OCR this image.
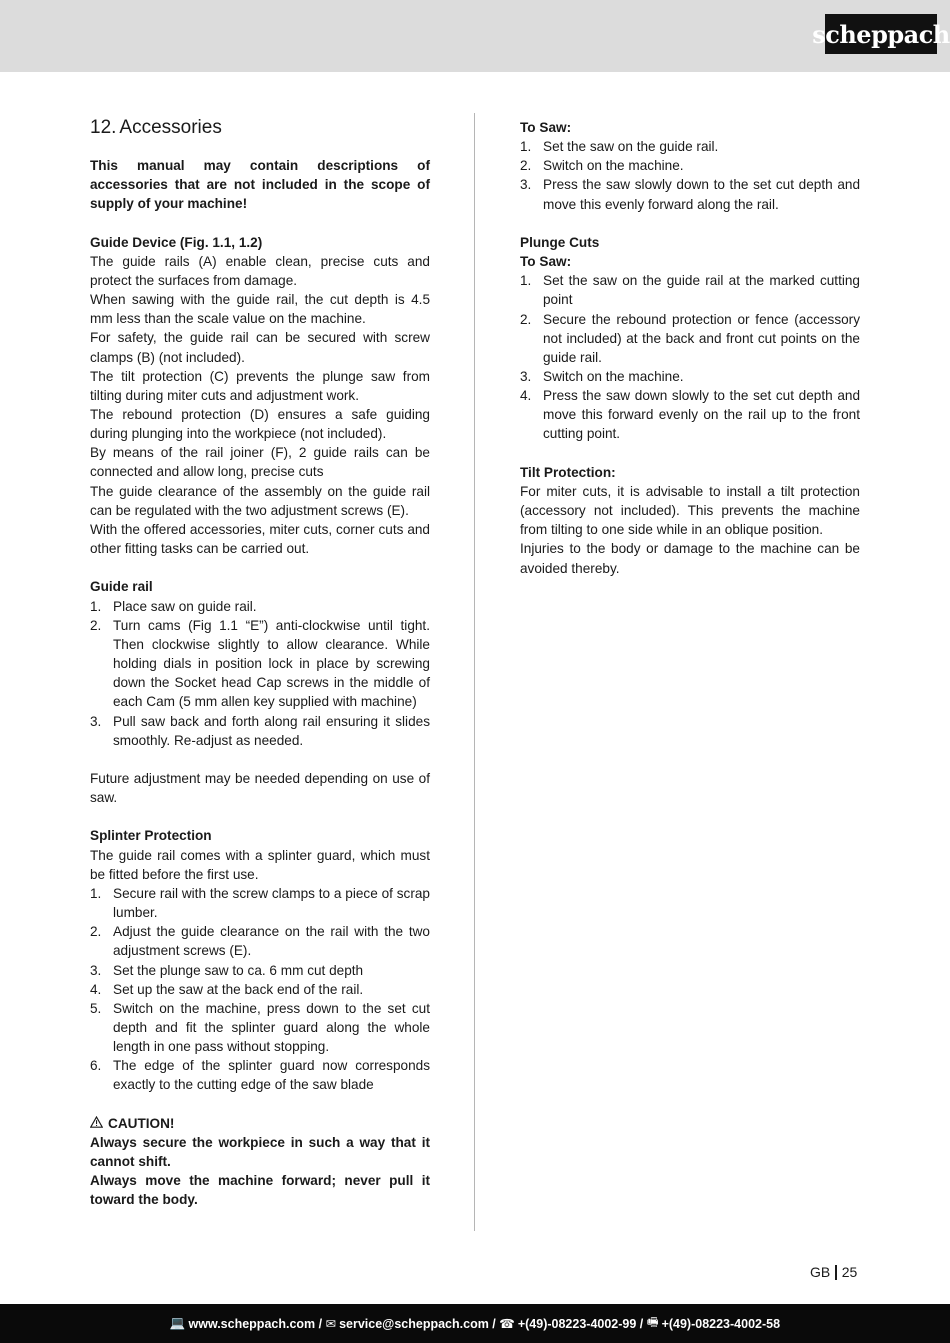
scheppach
12. Accessories

This manual may contain descriptions of accessories that are not included in the scope of supply of your machine!

Guide Device (Fig. 1.1, 1.2)

The guide rails (A) enable clean, precise cuts and protect the surfaces from damage.

When sawing with the guide rail, the cut depth is 4.5 mm less than the scale value on the machine.

For safety, the guide rail can be secured with screw clamps (B) (not included).

The tilt protection (C) prevents the plunge saw from tilting during miter cuts and adjustment work.

The rebound protection (D) ensures a safe guiding during plunging into the workpiece (not included).

By means of the rail joiner (F), 2 guide rails can be connected and allow long, precise cuts

The guide clearance of the assembly on the guide rail can be regulated with the two adjustment screws (E).

With the offered accessories, miter cuts, corner cuts and other fitting tasks can be carried out.

Guide rail

1. Place saw on guide rail.
2. Turn cams (Fig 1.1 “E”) anti-clockwise until tight. Then clockwise slightly to allow clearance. While holding dials in position lock in place by screwing down the Socket head Cap screws in the middle of each Cam (5 mm allen key supplied with machine)
3. Pull saw back and forth along rail ensuring it slides smoothly. Re-adjust as needed.

Future adjustment may be needed depending on use of saw.

Splinter Protection

The guide rail comes with a splinter guard, which must be fitted before the first use.

1. Secure rail with the screw clamps to a piece of scrap lumber.
2. Adjust the guide clearance on the rail with the two adjustment screws (E).
3. Set the plunge saw to ca. 6 mm cut depth
4. Set up the saw at the back end of the rail.
5. Switch on the machine, press down to the set cut depth and fit the splinter guard along the whole length in one pass without stopping.
6. The edge of the splinter guard now corresponds exactly to the cutting edge of the saw blade

CAUTION!

Always secure the workpiece in such a way that it cannot shift.

Always move the machine forward; never pull it toward the body.

To Saw:

1. Set the saw on the guide rail.
2. Switch on the machine.
3. Press the saw slowly down to the set cut depth and move this evenly forward along the rail.

Plunge Cuts

To Saw:

1. Set the saw on the guide rail at the marked cutting point
2. Secure the rebound protection or fence (accessory not included) at the back and front cut points on the guide rail.
3. Switch on the machine.
4. Press the saw down slowly to the set cut depth and move this forward evenly on the rail up to the front cutting point.

Tilt Protection:

For miter cuts, it is advisable to install a tilt protection (accessory not included). This prevents the machine from tilting to one side while in an oblique position.

Injuries to the body or damage to the machine can be avoided thereby.

GB 25
💻 www.scheppach.com / ✉ service@scheppach.com / ☎ +(49)-08223-4002-99 / 🖷 +(49)-08223-4002-58
